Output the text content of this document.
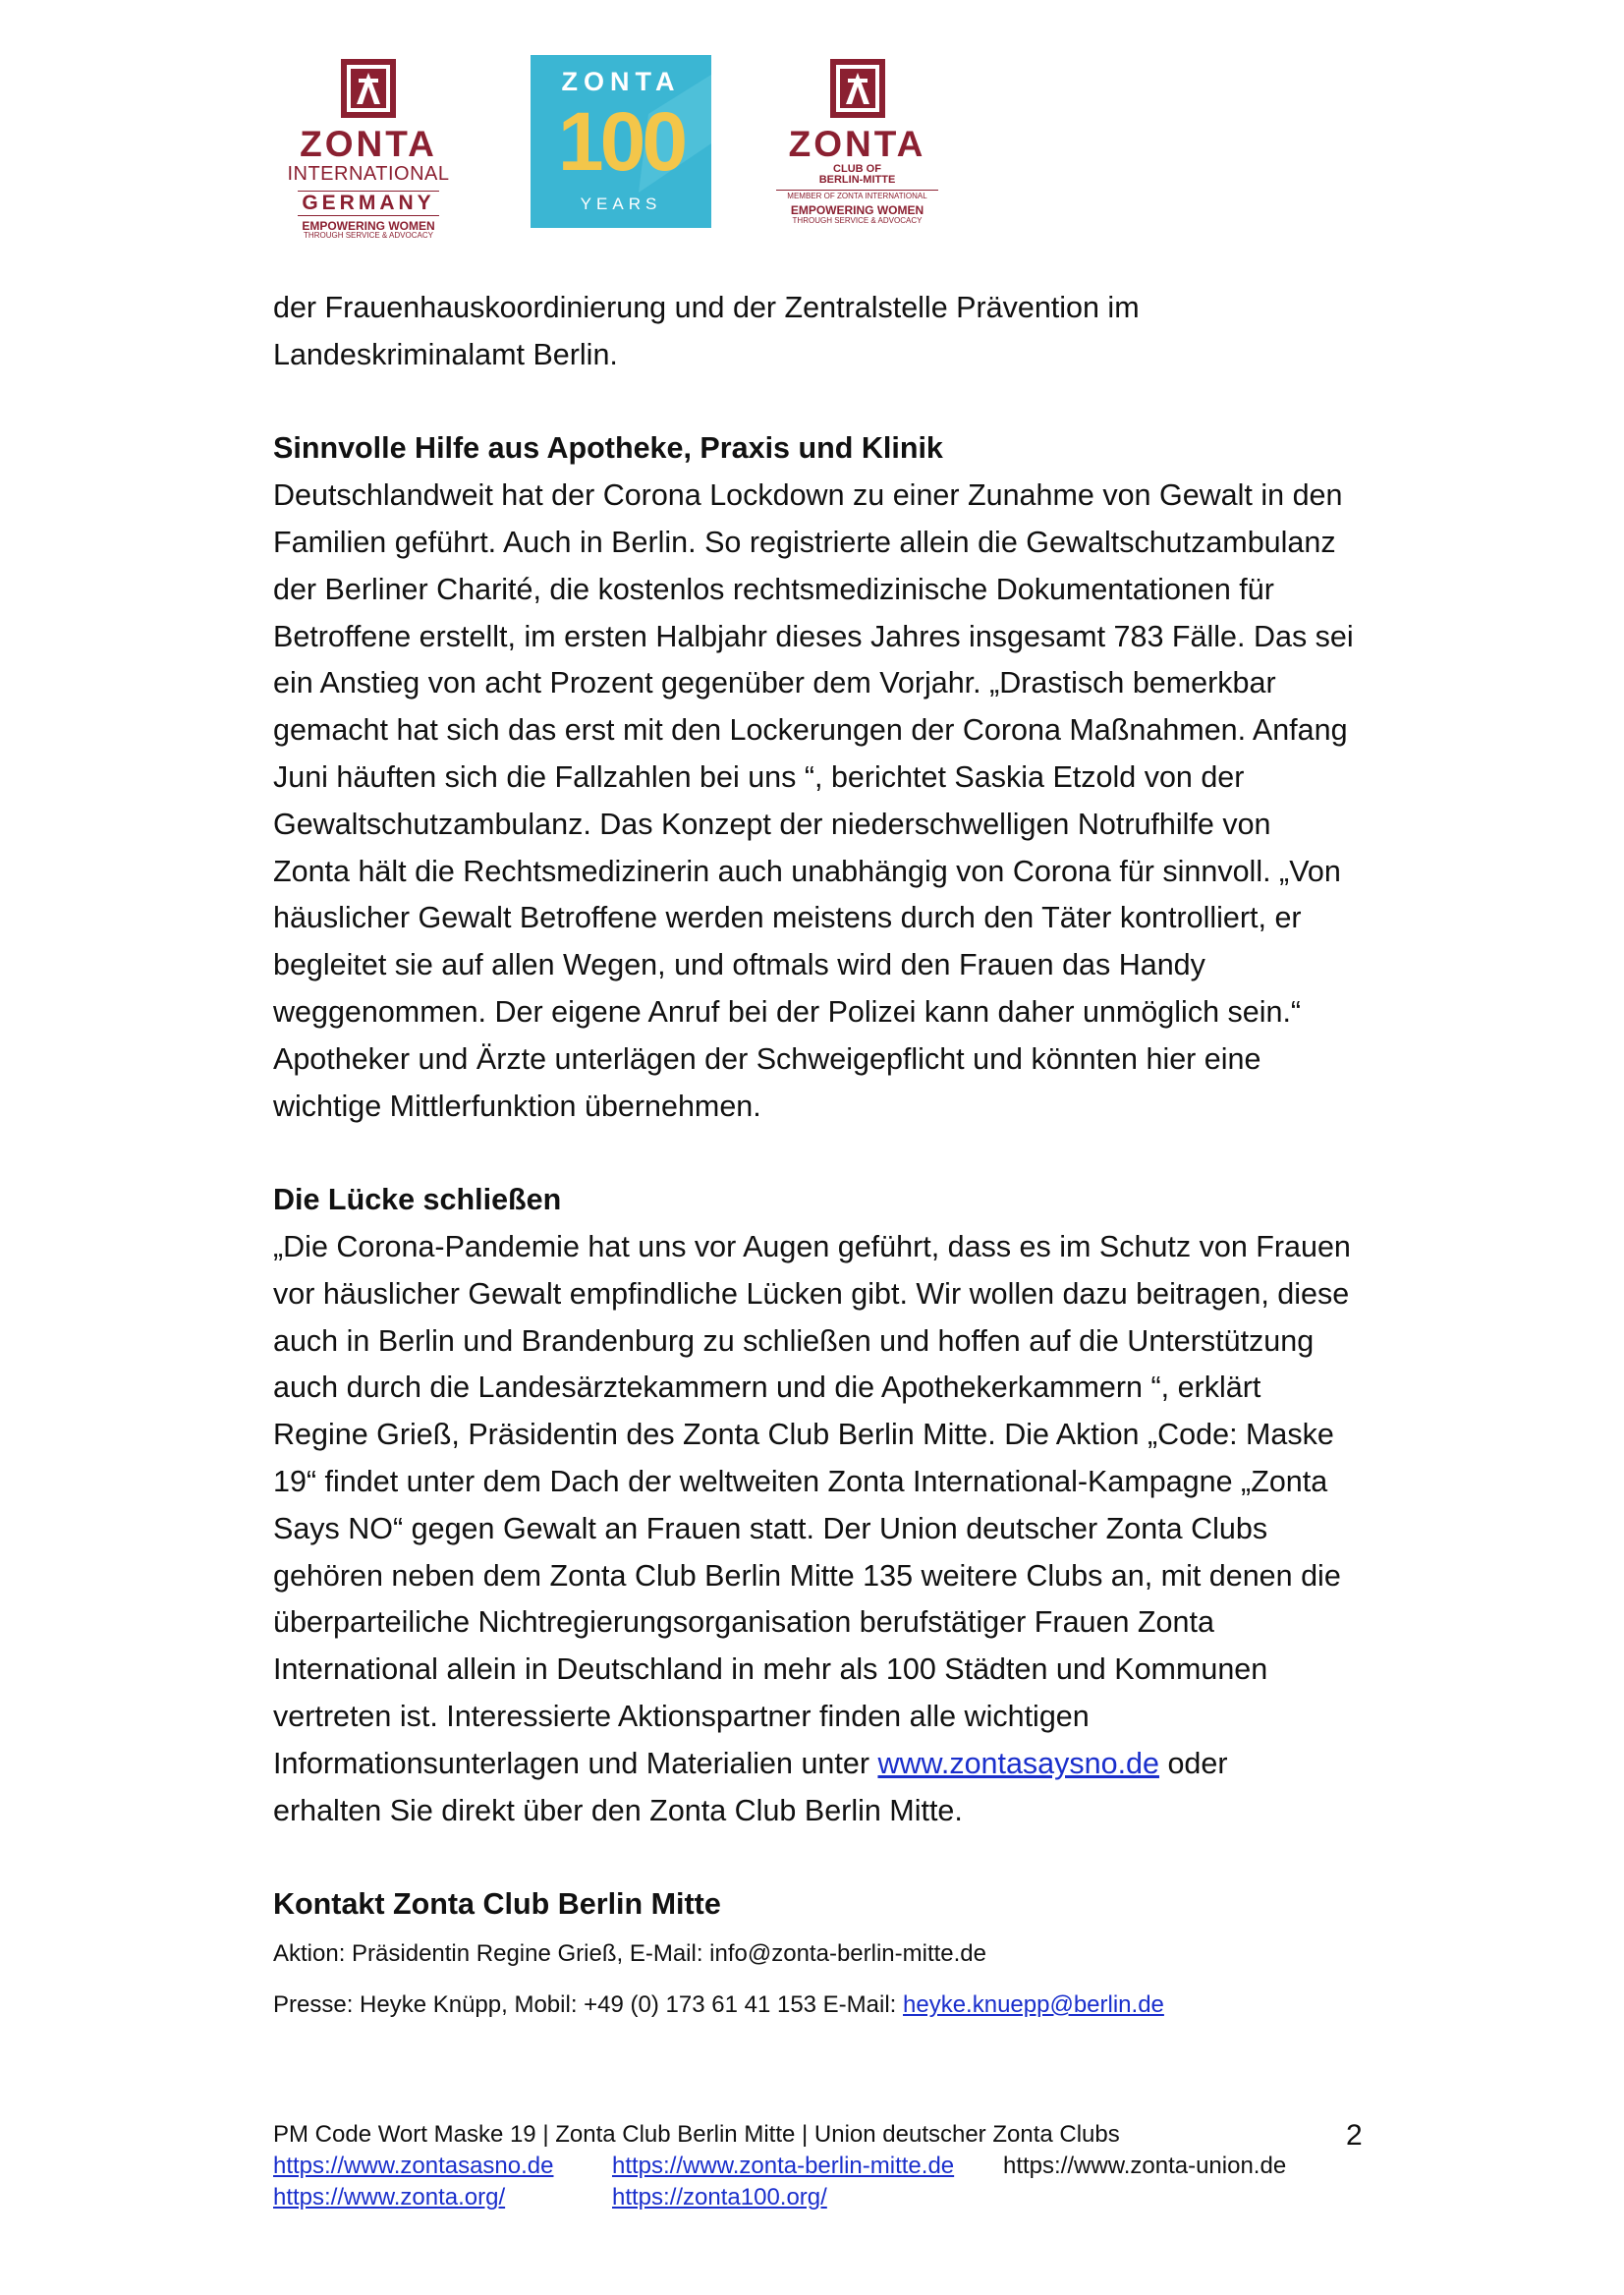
ZONTA
INTERNATIONAL
GERMANY
EMPOWERING WOMEN
THROUGH SERVICE & ADVOCACY
ZONTA
100
YEARS
ZONTA
CLUB OF
BERLIN-MITTE
MEMBER OF ZONTA INTERNATIONAL
EMPOWERING WOMEN
THROUGH SERVICE & ADVOCACY

der Frauenhauskoordinierung und der Zentralstelle Prävention im

Landeskriminalamt Berlin.

Sinnvolle Hilfe aus Apotheke, Praxis und Klinik

Deutschlandweit hat der Corona Lockdown zu einer Zunahme von Gewalt in den

Familien geführt. Auch in Berlin. So registrierte allein die Gewaltschutzambulanz

der Berliner Charité, die kostenlos rechtsmedizinische Dokumentationen für

Betroffene erstellt, im ersten Halbjahr dieses Jahres insgesamt 783 Fälle. Das sei

ein Anstieg von acht Prozent gegenüber dem Vorjahr. „Drastisch bemerkbar

gemacht hat sich das erst mit den Lockerungen der Corona Maßnahmen. Anfang

Juni häuften sich die Fallzahlen bei uns “, berichtet Saskia Etzold von der

Gewaltschutzambulanz. Das Konzept der niederschwelligen Notrufhilfe von

Zonta hält die Rechtsmedizinerin auch unabhängig von Corona für sinnvoll. „Von

häuslicher Gewalt Betroffene werden meistens durch den Täter kontrolliert, er

begleitet sie auf allen Wegen, und oftmals wird den Frauen das Handy

weggenommen. Der eigene Anruf bei der Polizei kann daher unmöglich sein.“

Apotheker und Ärzte unterlägen der Schweigepflicht und könnten hier eine

wichtige Mittlerfunktion übernehmen.

Die Lücke schließen

„Die Corona-Pandemie hat uns vor Augen geführt, dass es im Schutz von Frauen

vor häuslicher Gewalt empfindliche Lücken gibt. Wir wollen dazu beitragen, diese

auch in Berlin und Brandenburg zu schließen und hoffen auf die Unterstützung

auch durch die Landesärztekammern und die Apothekerkammern “, erklärt

Regine Grieß, Präsidentin des Zonta Club Berlin Mitte. Die Aktion „Code: Maske

19“ findet unter dem Dach der weltweiten Zonta International-Kampagne „Zonta

Says NO“ gegen Gewalt an Frauen statt. Der Union deutscher Zonta Clubs

gehören neben dem Zonta Club Berlin Mitte 135 weitere Clubs an, mit denen die

überparteiliche Nichtregierungsorganisation berufstätiger Frauen Zonta

International allein in Deutschland in mehr als 100 Städten und Kommunen

vertreten ist. Interessierte Aktionspartner finden alle wichtigen

Informationsunterlagen und Materialien unter www.zontasaysno.de oder

erhalten Sie direkt über den Zonta Club Berlin Mitte.

Kontakt Zonta Club Berlin Mitte

Aktion: Präsidentin Regine Grieß, E-Mail: info@zonta-berlin-mitte.de

Presse: Heyke Knüpp, Mobil: +49 (0) 173 61 41 153 E-Mail: heyke.knuepp@berlin.de

PM Code Wort Maske 19 | Zonta Club Berlin Mitte | Union deutscher Zonta Clubs
https://www.zontasasno.de https://www.zonta-berlin-mitte.de https://www.zonta-union.de
https://www.zonta.org/	https://zonta100.org/
2
